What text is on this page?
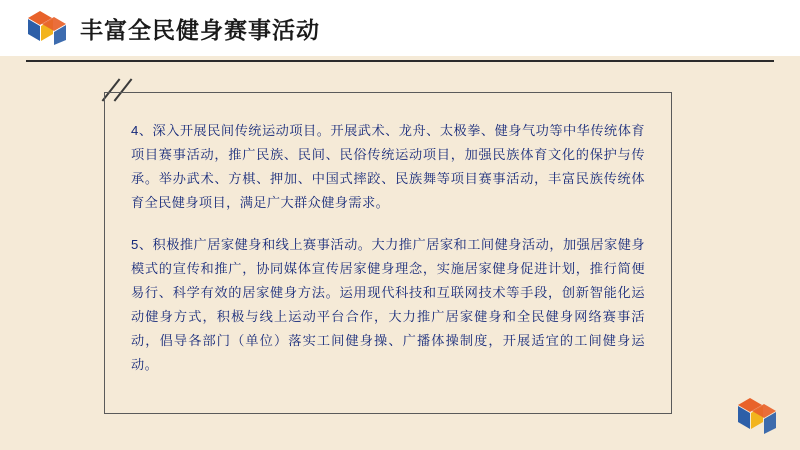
丰富全民健身赛事活动

4、深入开展民间传统运动项目。开展武术、龙舟、太极拳、健身气功等中华传统体育项目赛事活动，推广民族、民间、民俗传统运动项目，加强民族体育文化的保护与传承。举办武术、方棋、押加、中国式摔跤、民族舞等项目赛事活动，丰富民族传统体育全民健身项目，满足广大群众健身需求。

5、积极推广居家健身和线上赛事活动。大力推广居家和工间健身活动，加强居家健身模式的宣传和推广，协同媒体宣传居家健身理念，实施居家健身促进计划，推行简便易行、科学有效的居家健身方法。运用现代科技和互联网技术等手段，创新智能化运动健身方式，积极与线上运动平台合作，大力推广居家健身和全民健身网络赛事活动，倡导各部门（单位）落实工间健身操、广播体操制度，开展适宜的工间健身运动。
